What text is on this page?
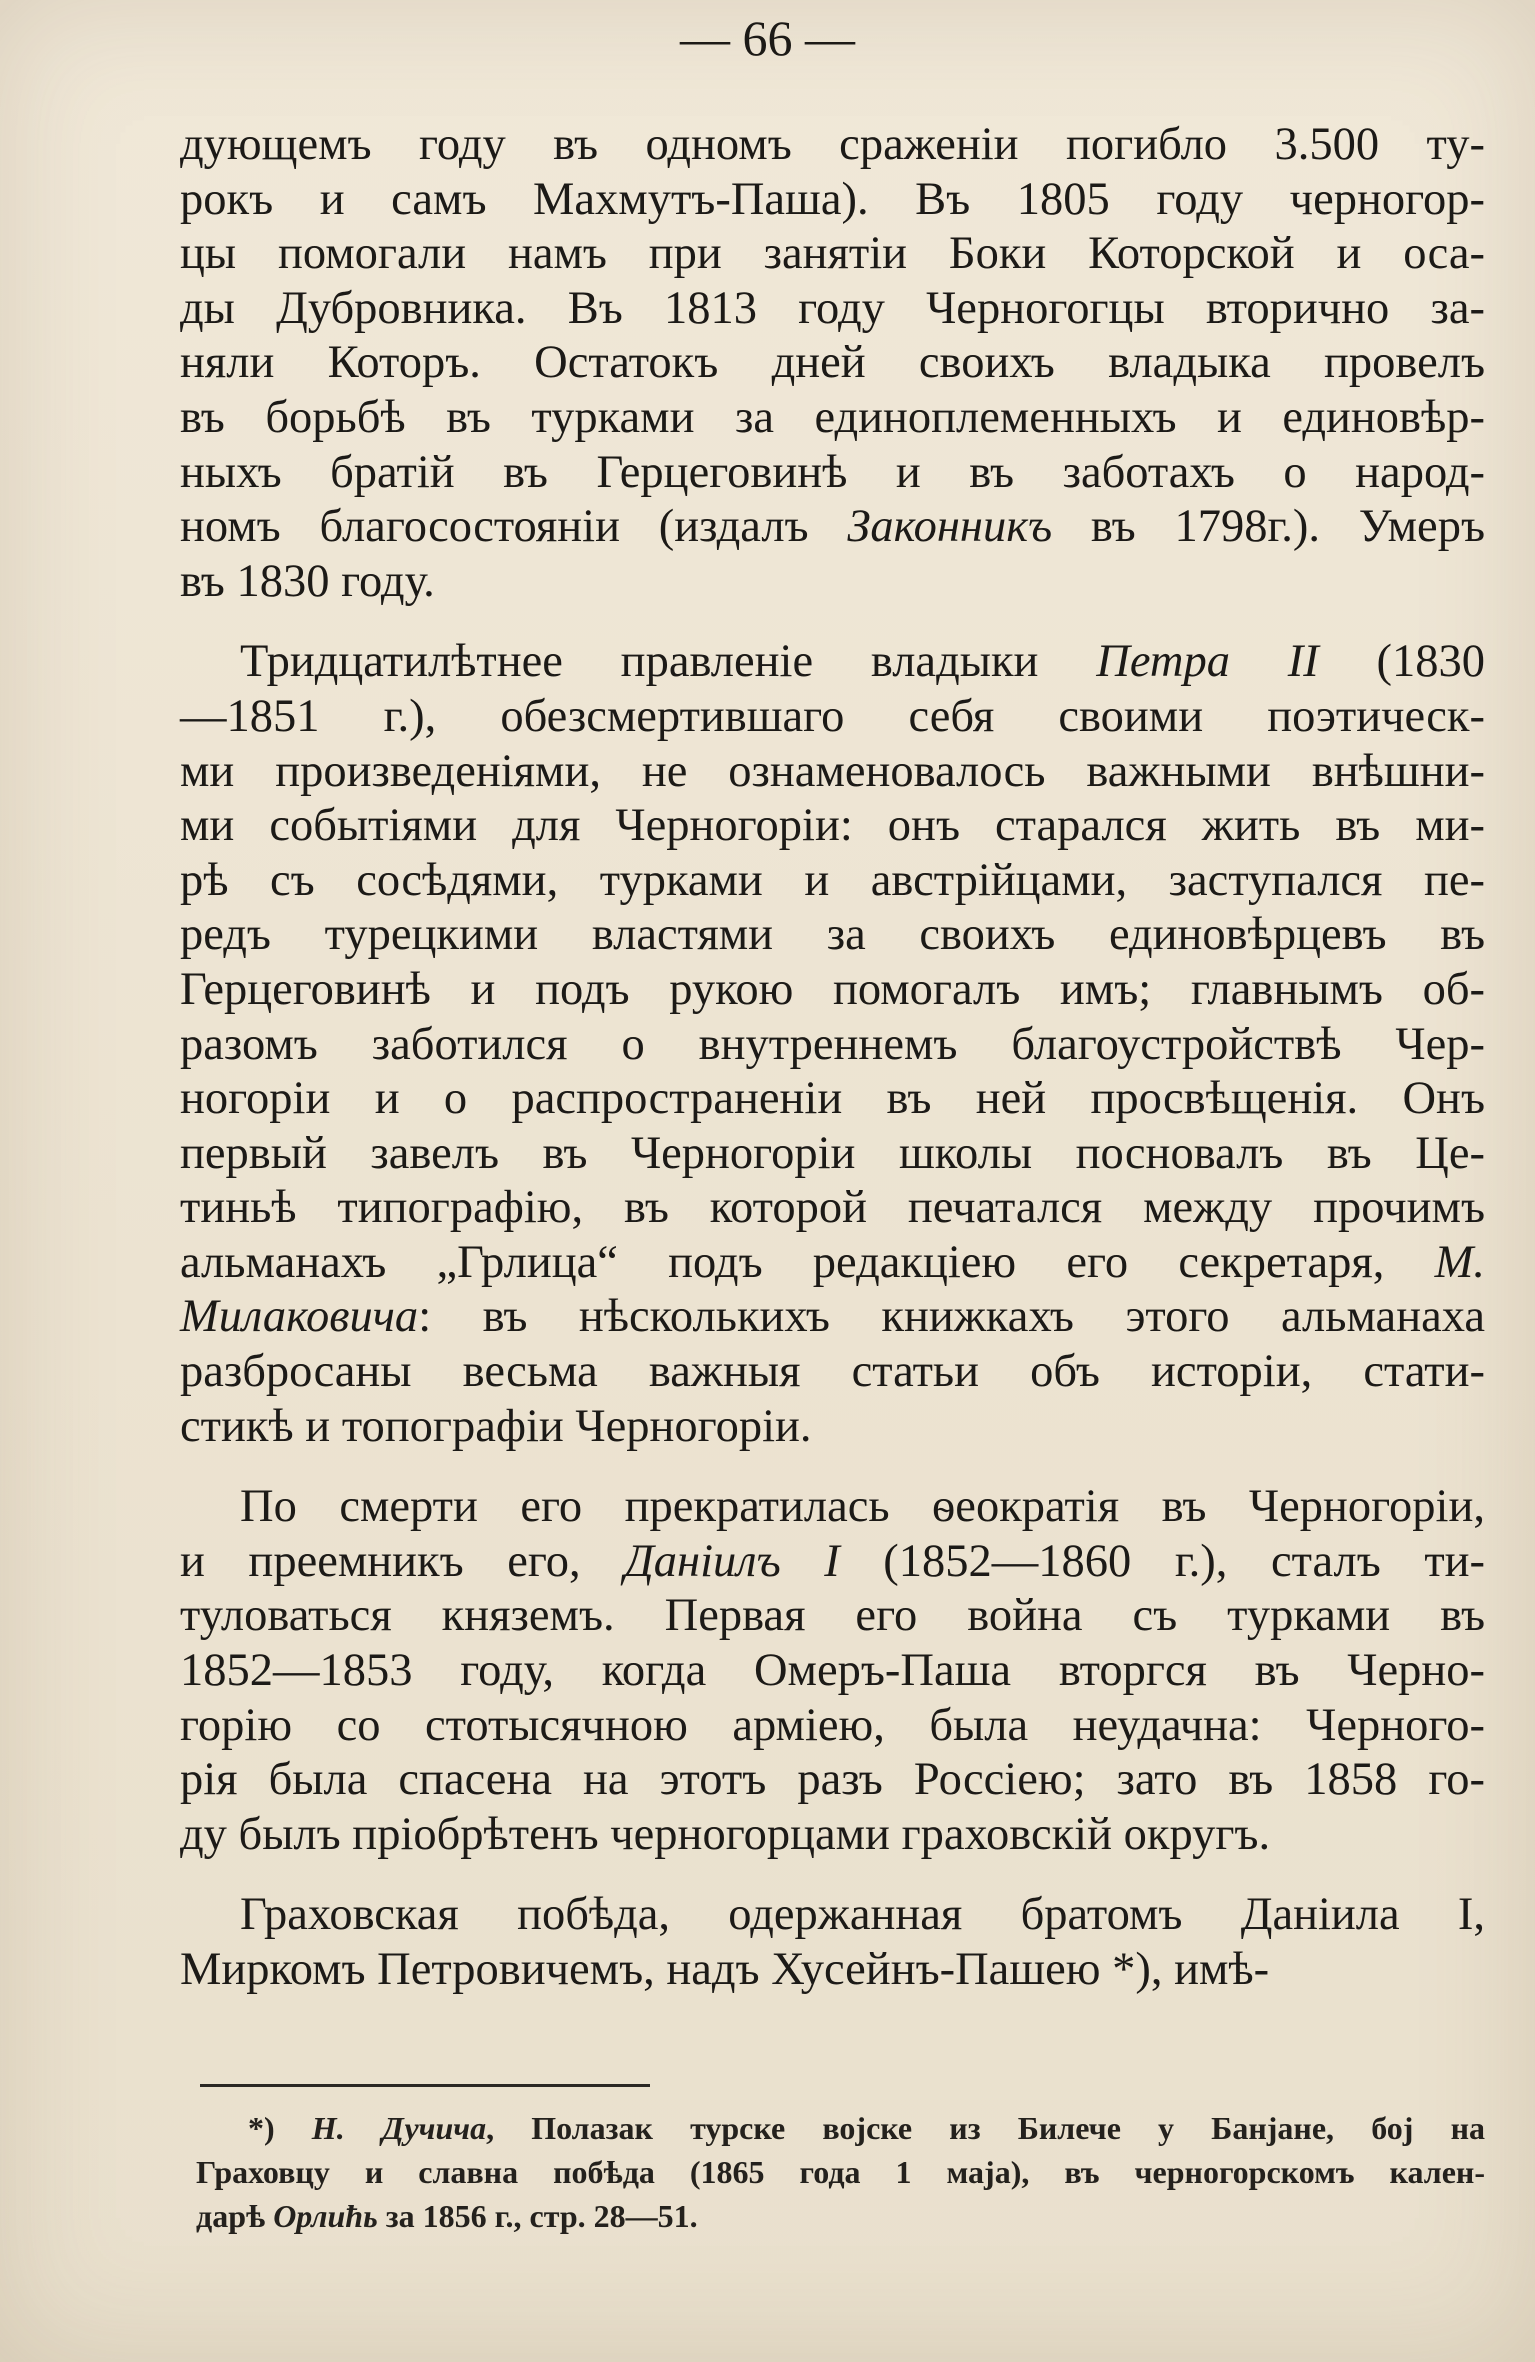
— 66 —
дующемъ году въ одномъ сраженіи погибло 3.500 ту-
рокъ и самъ Махмутъ-Паша). Въ 1805 году черногор-
цы помогали намъ при занятіи Боки Которской и оса-
ды Дубровника. Въ 1813 году Черногогцы вторично за-
няли Которъ. Остатокъ дней своихъ владыка провелъ
въ борьбѣ въ турками за единоплеменныхъ и единовѣр-
ныхъ братій въ Герцеговинѣ и въ заботахъ о народ-
номъ благосостояніи (издалъ Законникъ въ 1798г.). Умеръ
въ 1830 году.
Тридцатилѣтнее правленіе владыки Петра II (1830
—1851 г.), обезсмертившаго себя своими поэтическ-
ми произведеніями, не ознаменовалось важными внѣшни-
ми событіями для Черногоріи: онъ старался жить въ ми-
рѣ съ сосѣдями, турками и австрійцами, заступался пе-
редъ турецкими властями за своихъ единовѣрцевъ въ
Герцеговинѣ и подъ рукою помогалъ имъ; главнымъ об-
разомъ заботился о внутреннемъ благоустройствѣ Чер-
ногоріи и о распространеніи въ ней просвѣщенія. Онъ
первый завелъ въ Черногоріи школы посновалъ въ Це-
тиньѣ типографію, въ которой печатался между прочимъ
альманахъ „Грлица“ подъ редакціею его секретаря, М.
Милаковича: въ нѣсколькихъ книжкахъ этого альманаха
разбросаны весьма важныя статьи объ исторіи, стати-
стикѣ и топографіи Черногоріи.
По смерти его прекратилась ѳеократія въ Черногоріи,
и преемникъ его, Даніилъ I (1852—1860 г.), сталъ ти-
туловаться княземъ. Первая его война съ турками въ
1852—1853 году, когда Омеръ-Паша вторгся въ Черно-
горію со стотысячною арміею, была неудачна: Черного-
рія была спасена на этотъ разъ Россіею; зато въ 1858 го-
ду былъ пріобрѣтенъ черногорцами граховскій округъ.
Граховская побѣда, одержанная братомъ Даніила I,
Миркомъ Петровичемъ, надъ Хусейнъ-Пашею *), имѣ-
*) Н. Дучича, Полазак турске војске из Билече у Банјане, бој на
Граховцу и славна побѣда (1865 года 1 маја), въ черногорскомъ кален-
дарѣ Орлићь за 1856 г., стр. 28—51.
